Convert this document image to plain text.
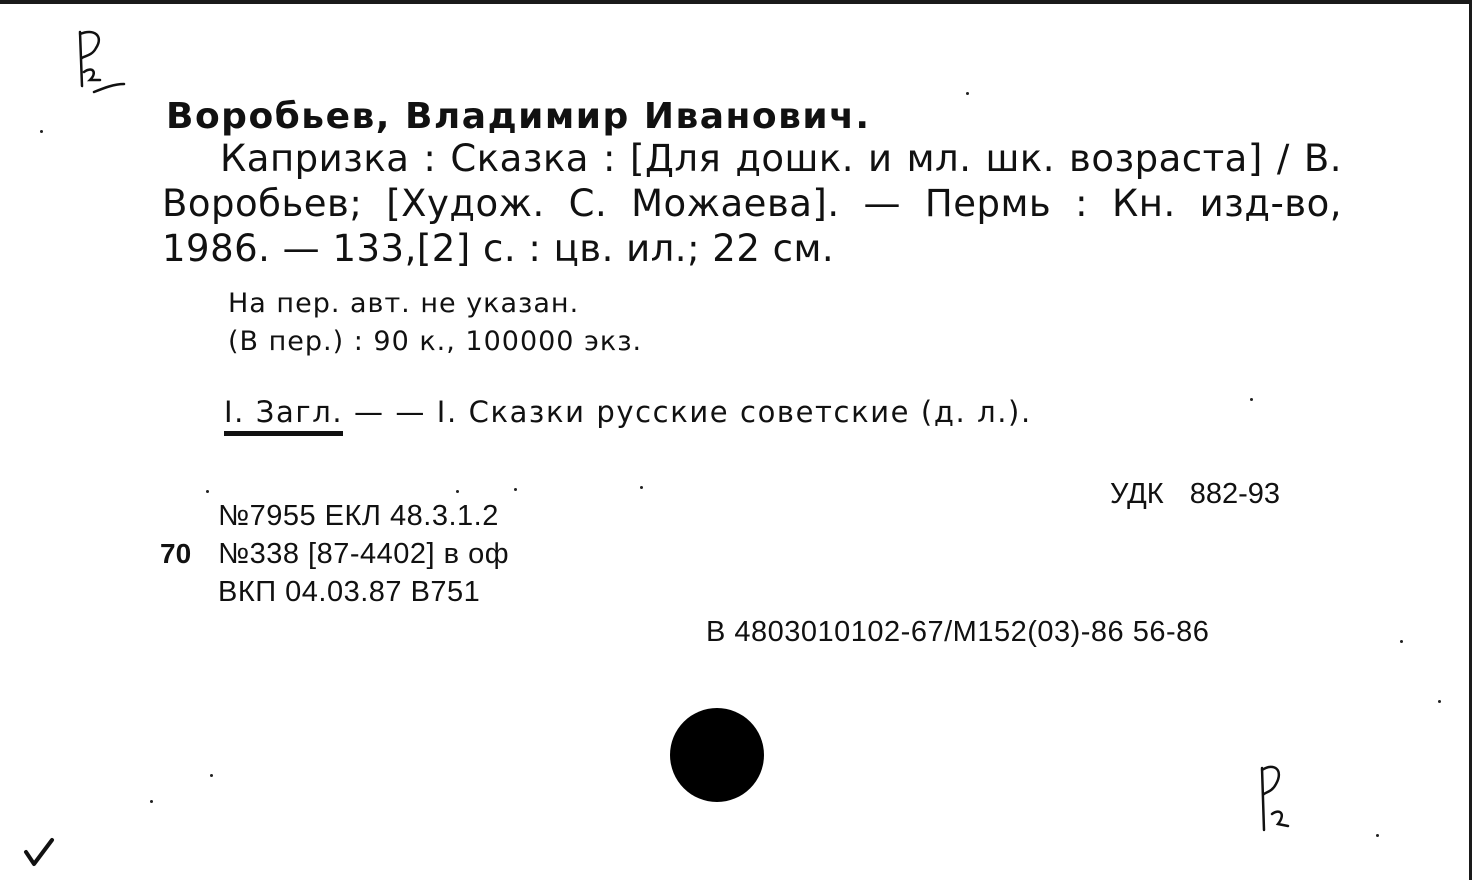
Воробьев, Владимир Иванович.
Капризка : Сказка : [Для дошк. и мл. шк. возраста] / В. Воробьев; [Худож. С. Можаева]. — Пермь : Кн. изд-во, 1986. — 133,[2] с. : цв. ил.; 22 см.
На пер. авт. не указан.
(В пер.) : 90 к., 100000 экз.
I. Загл. — — I. Сказки русские советские (д. л.).
УДК 882-93
70
№7955 ЕКЛ 48.3.1.2
№338 [87-4402] в оф
ВКП 04.03.87 В751
В 4803010102-67/М152(03)-86 56-86
